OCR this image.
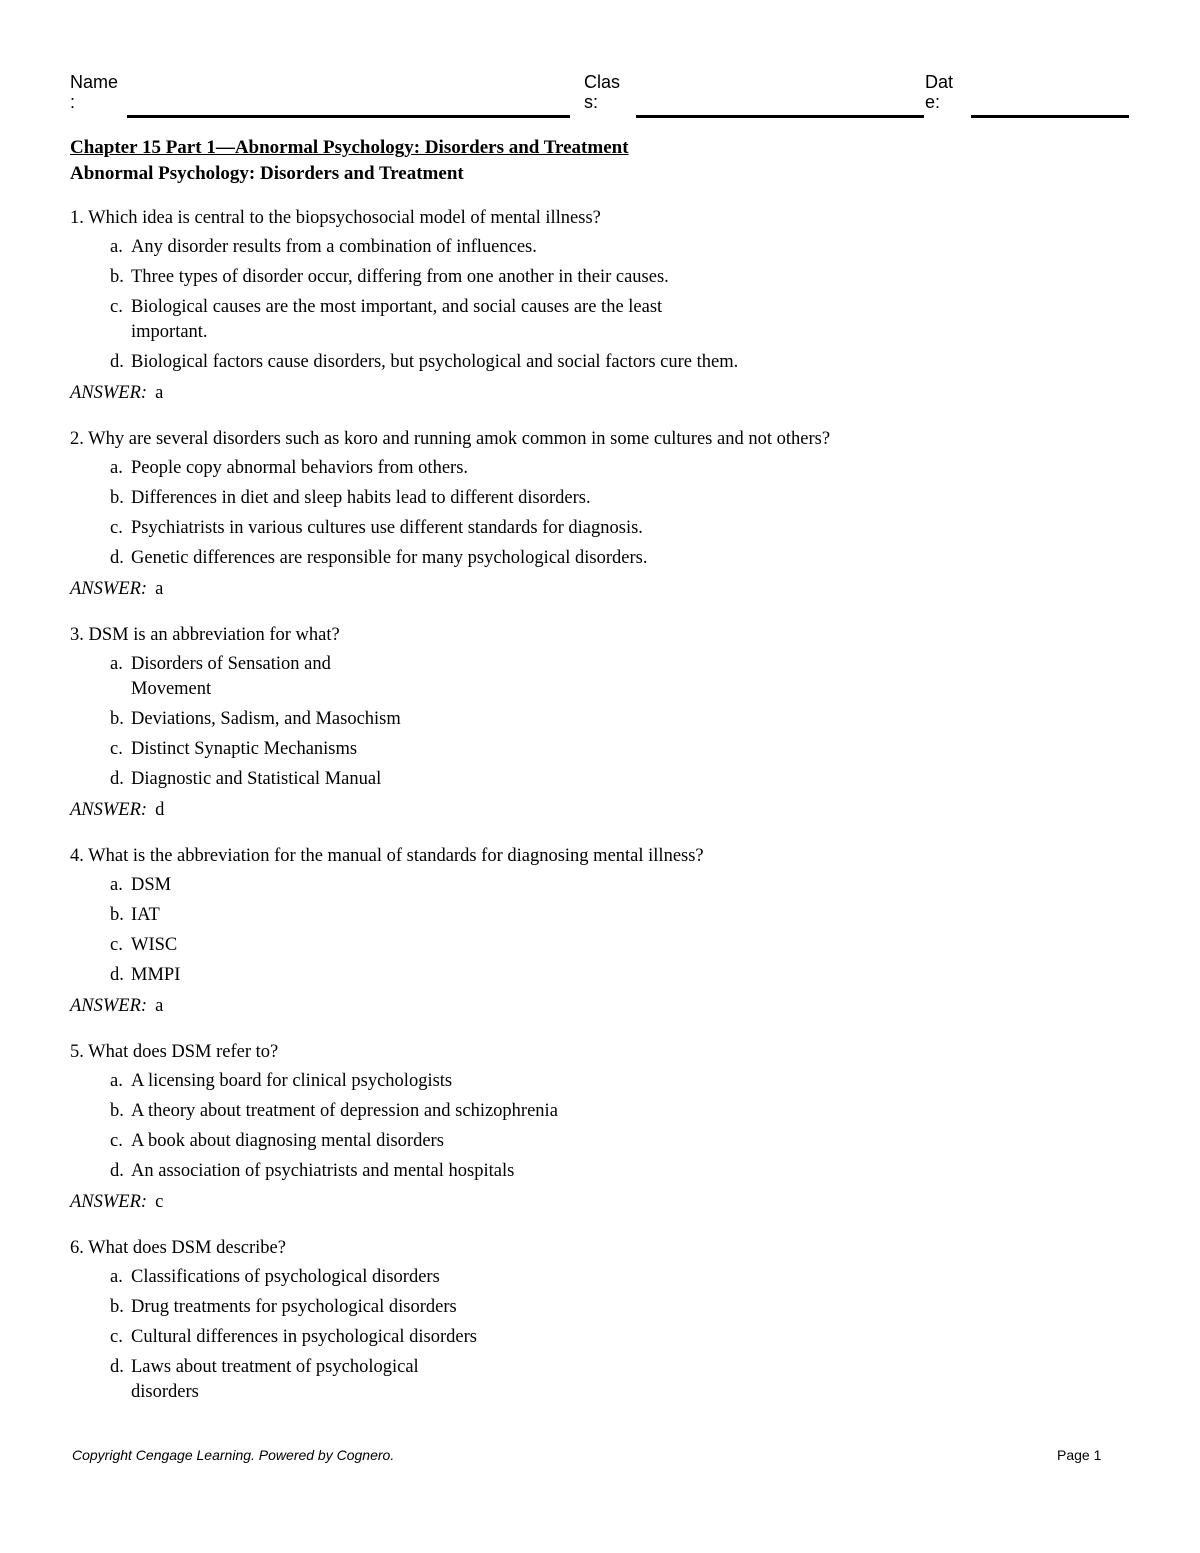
Name
:
Clas
s:
Dat
e:
Chapter 15 Part 1—Abnormal Psychology: Disorders and Treatment
Abnormal Psychology: Disorders and Treatment
1. Which idea is central to the biopsychosocial model of mental illness?
a. Any disorder results from a combination of influences.
b. Three types of disorder occur, differing from one another in their causes.
c. Biological causes are the most important, and social causes are the least
important.
d. Biological factors cause disorders, but psychological and social factors cure them.
ANSWER: a
2. Why are several disorders such as koro and running amok common in some cultures and not others?
a. People copy abnormal behaviors from others.
b. Differences in diet and sleep habits lead to different disorders.
c. Psychiatrists in various cultures use different standards for diagnosis.
d. Genetic differences are responsible for many psychological disorders.
ANSWER: a
3. DSM is an abbreviation for what?
a. Disorders of Sensation and
Movement
b. Deviations, Sadism, and Masochism
c. Distinct Synaptic Mechanisms
d. Diagnostic and Statistical Manual
ANSWER: d
4. What is the abbreviation for the manual of standards for diagnosing mental illness?
a. DSM
b. IAT
c. WISC
d. MMPI
ANSWER: a
5. What does DSM refer to?
a. A licensing board for clinical psychologists
b. A theory about treatment of depression and schizophrenia
c. A book about diagnosing mental disorders
d. An association of psychiatrists and mental hospitals
ANSWER: c
6. What does DSM describe?
a. Classifications of psychological disorders
b. Drug treatments for psychological disorders
c. Cultural differences in psychological disorders
d. Laws about treatment of psychological
disorders
Copyright Cengage Learning. Powered by Cognero.	Page 1
